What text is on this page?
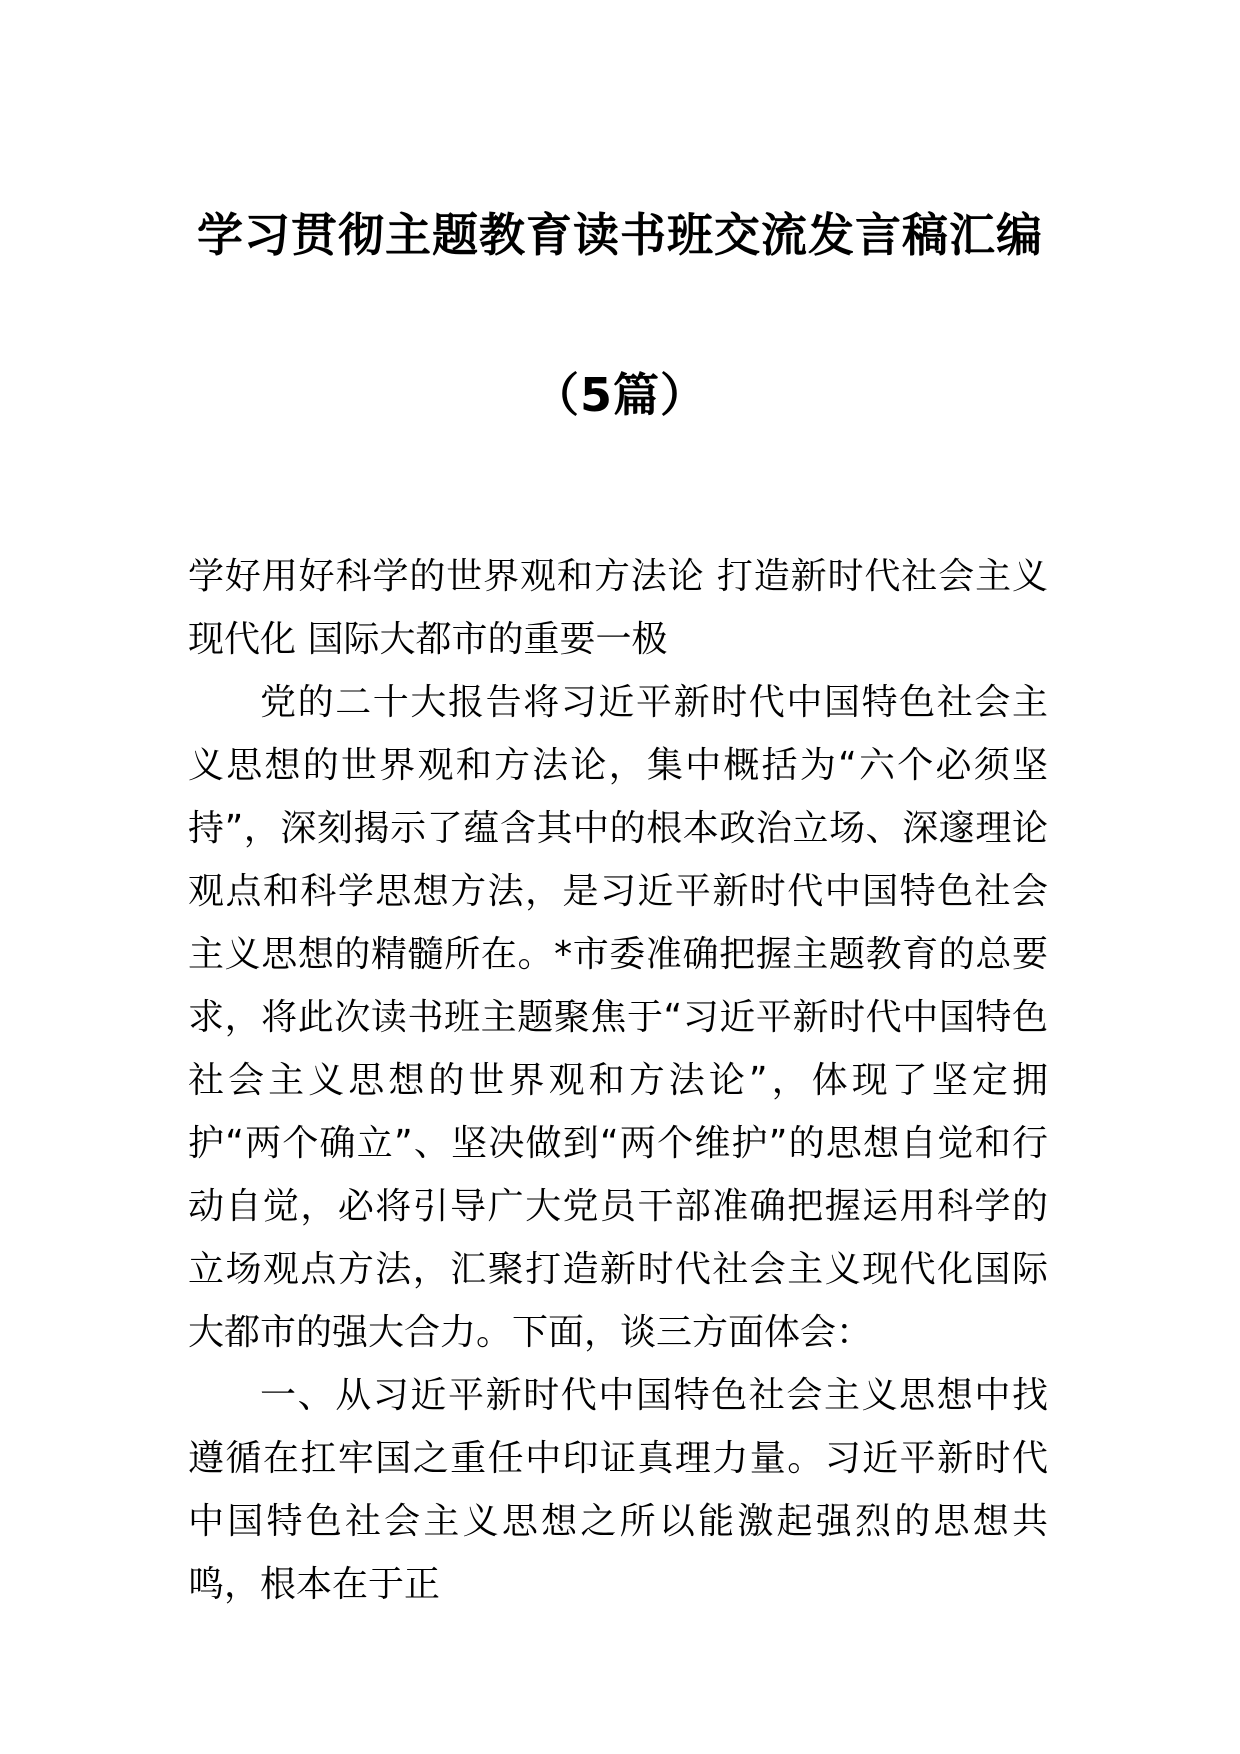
学习贯彻主题教育读书班交流发言稿汇编
（5篇）

学好用好科学的世界观和方法论 打造新时代社会主义现代化 国际大都市的重要一极

党的二十大报告将习近平新时代中国特色社会主义思想的世界观和方法论，集中概括为“六个必须坚持”，深刻揭示了蕴含其中的根本政治立场、深邃理论观点和科学思想方法，是习近平新时代中国特色社会主义思想的精髓所在。*市委准确把握主题教育的总要求，将此次读书班主题聚焦于“习近平新时代中国特色社会主义思想的世界观和方法论”，体现了坚定拥护“两个确立”、坚决做到“两个维护”的思想自觉和行动自觉，必将引导广大党员干部准确把握运用科学的立场观点方法，汇聚打造新时代社会主义现代化国际大都市的强大合力。下面，谈三方面体会：

一、从习近平新时代中国特色社会主义思想中找遵循在扛牢国之重任中印证真理力量。习近平新时代中国特色社会主义思想之所以能激起强烈的思想共鸣，根本在于正
